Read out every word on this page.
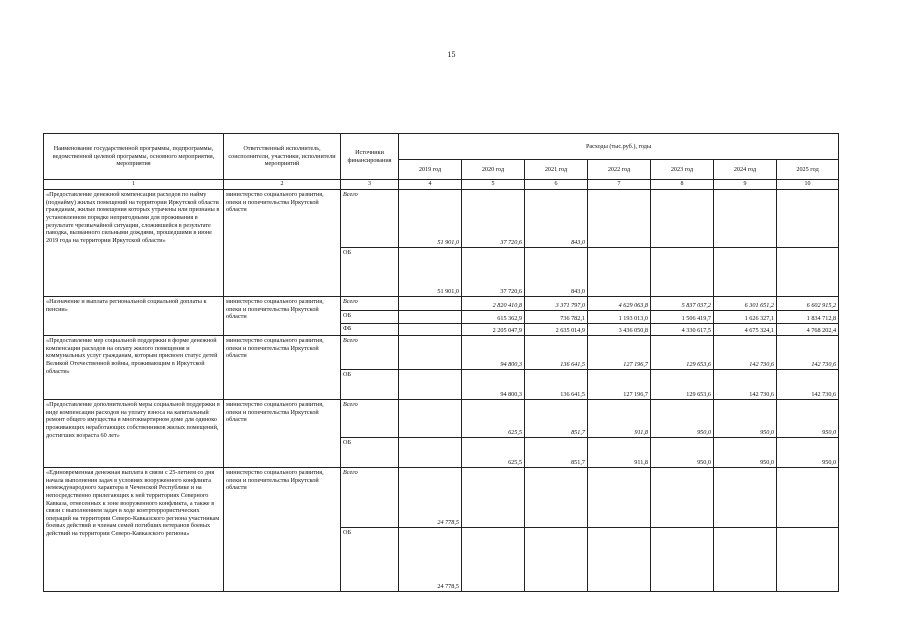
15
Наименование государственной программы, подпрограммы, ведомственной целевой программы, основного мероприятия, мероприятия	Ответственный исполнитель, соисполнители, участники, исполнители мероприятий	Источники финансирования	Расходы (тыс.руб.), годы						
			2019 год	2020 год	2021 год	2022 год	2023 год	2024 год	2025 год
1	2	3	4	5	6	7	8	9	10
«Предоставление денежной компенсации расходов по найму (поднайму) жилых помещений на территории Иркутской области гражданам, жилые помещения которых утрачены или признаны в установленном порядке непригодными для проживания в результате чрезвычайной ситуации, сложившейся в результате паводка, вызванного сильными дождями, прошедшими в июне 2019 года на территории Иркутской области»	министерство социального развития, опеки и попечительства Иркутской области	Всего	51 901,0	37 720,6	843,0				
		ОБ	51 901,0	37 720,6	843,0				
«Назначение и выплата региональной социальной доплаты к пенсии»	министерство социального развития, опеки и попечительства Иркутской области	Всего		2 820 410,8	3 371 797,0	4 629 063,8	5 837 037,2	6 301 651,2	6 602 915,2
		ОБ		615 362,9	736 782,1	1 193 013,0	1 506 419,7	1 626 327,1	1 834 712,8
		ФБ		2 205 047,9	2 635 014,9	3 436 050,8	4 330 617,5	4 675 324,1	4 768 202,4
«Предоставление мер социальной поддержки в форме денежной компенсации расходов на оплату жилого помещения и коммунальных услуг гражданам, которым присвоен статус детей Великой Отечественной войны, проживающим в Иркутской области»	министерство социального развития, опеки и попечительства Иркутской области	Всего		94 800,3	136 641,5	127 196,7	129 653,6	142 730,6	142 730,6
		ОБ		94 800,3	136 641,5	127 196,7	129 653,6	142 730,6	142 730,6
«Предоставление дополнительной меры социальной поддержки в виде компенсации расходов на уплату взноса на капитальный ремонт общего имущества в многоквартирном доме для одиноко проживающих неработающих собственников жилых помещений, достигших возраста 60 лет»	министерство социального развития, опеки и попечительства Иркутской области	Всего		625,5	851,7	911,8	950,0	950,0	950,0
		ОБ		625,5	851,7	911,8	950,0	950,0	950,0
«Единовременная денежная выплата в связи с 25-летием со дня начала выполнения задач в условиях вооруженного конфликта немеждународного характера в Чеченской Республике и на непосредственно прилегающих к ней территориях Северного Кавказа, отнесенных к зоне вооруженного конфликта, а также в связи с выполнением задач в ходе контртеррористических операций на территории Северо-Кавказского региона участникам боевых действий и членам семей погибших ветеранов боевых действий на территории Северо-Кавказского региона»	министерство социального развития, опеки и попечительства Иркутской области	Всего	24 778,5						
		ОБ	24 778,5						
